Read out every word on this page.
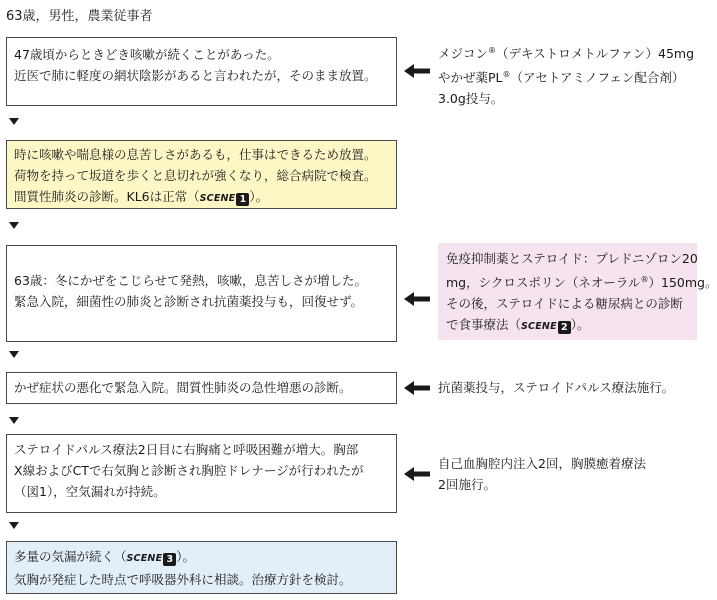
63歳，男性，農業従事者
47歳頃からときどき咳嗽が続くことがあった。
近医で肺に軽度の網状陰影があると言われたが，そのまま放置。
メジコン®（デキストロメトルファン）45mg
やかぜ薬PL®（アセトアミノフェン配合剤）
3.0g投与。
時に咳嗽や喘息様の息苦しさがあるも，仕事はできるため放置。
荷物を持って坂道を歩くと息切れが強くなり，総合病院で検査。
間質性肺炎の診断。KL6は正常（SCENE 1 ）。
63歳：冬にかぜをこじらせて発熱，咳嗽，息苦しさが増した。
緊急入院，細菌性の肺炎と診断され抗菌薬投与も，回復せず。
免疫抑制薬とステロイド：プレドニゾロン20
mg，シクロスポリン（ネオーラル®）150mg。
その後，ステロイドによる糖尿病との診断
で食事療法（SCENE 2 ）。
かぜ症状の悪化で緊急入院。間質性肺炎の急性増悪の診断。	抗菌薬投与，ステロイドパルス療法施行。
ステロイドパルス療法2日目に右胸痛と呼吸困難が増大。胸部
X線およびCTで右気胸と診断され胸腔ドレナージが行われたが
（図1），空気漏れが持続。
自己血胸腔内注入2回，胸膜癒着療法
2回施行。
多量の気漏が続く（SCENE 3 ）。
気胸が発症した時点で呼吸器外科に相談。治療方針を検討。
